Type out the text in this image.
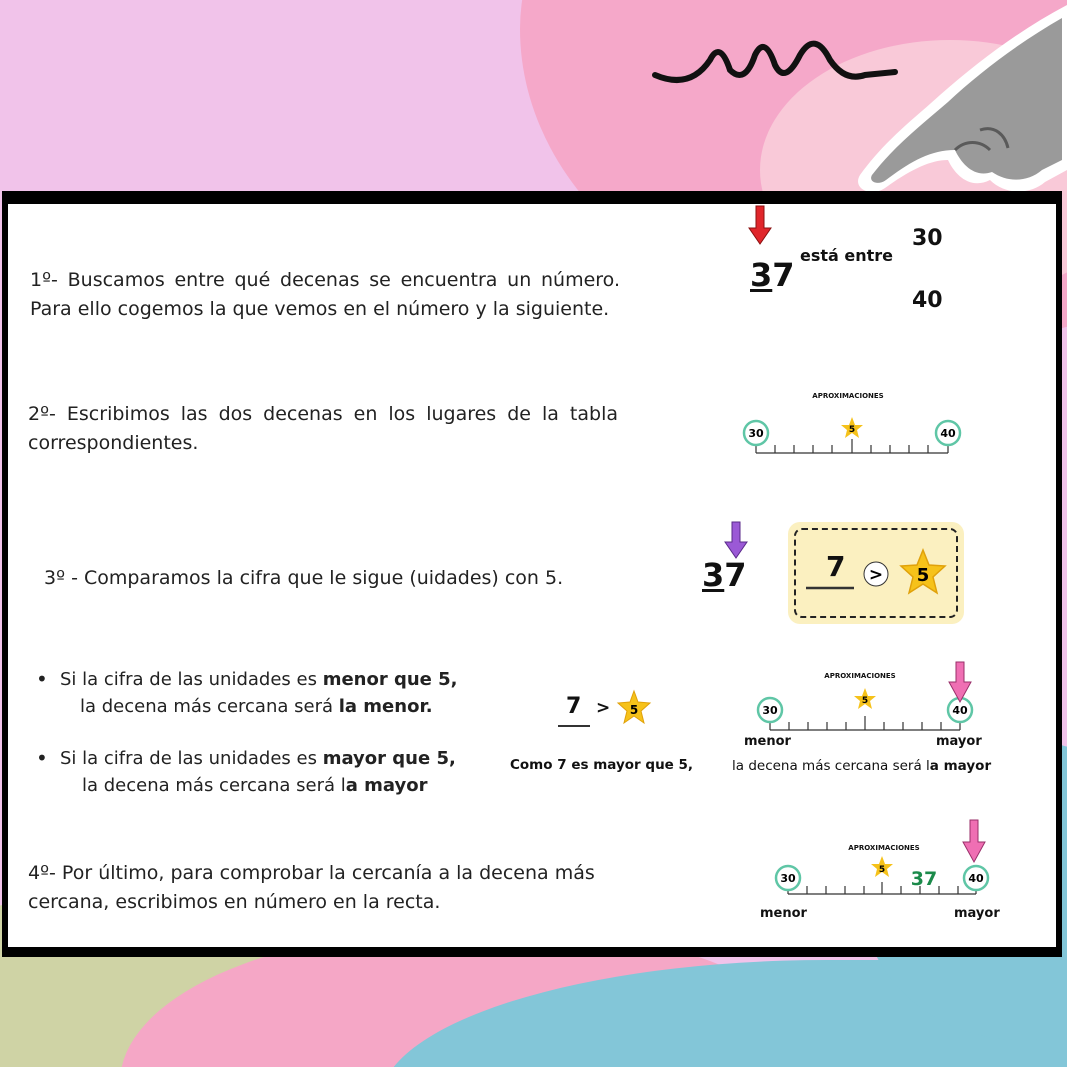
1º- Buscamos entre qué decenas se encuentra un número. Para ello cogemos la que vemos en el número y la siguiente.

37
está entre
30
40

2º- Escribimos las dos decenas en los lugares de la tabla correspondientes.

APROXIMACIONES
30	5	40

3º - Comparamos la cifra que le sigue (uidades) con 5.	37	7 > 5
• Si la cifra de las unidades es menor que 5,
la decena más cercana será la menor.
• Si la cifra de las unidades es mayor que 5,
la decena más cercana será la mayor
7 > 5
Como 7 es mayor que 5,
APROXIMACIONES
30
5
40
menor	mayor
la decena más cercana será la mayor

4º- Por último, para comprobar la cercanía a la decena más cercana, escribimos en número en la recta.

APROXIMACIONES
30
5 37	40
menor	mayor
